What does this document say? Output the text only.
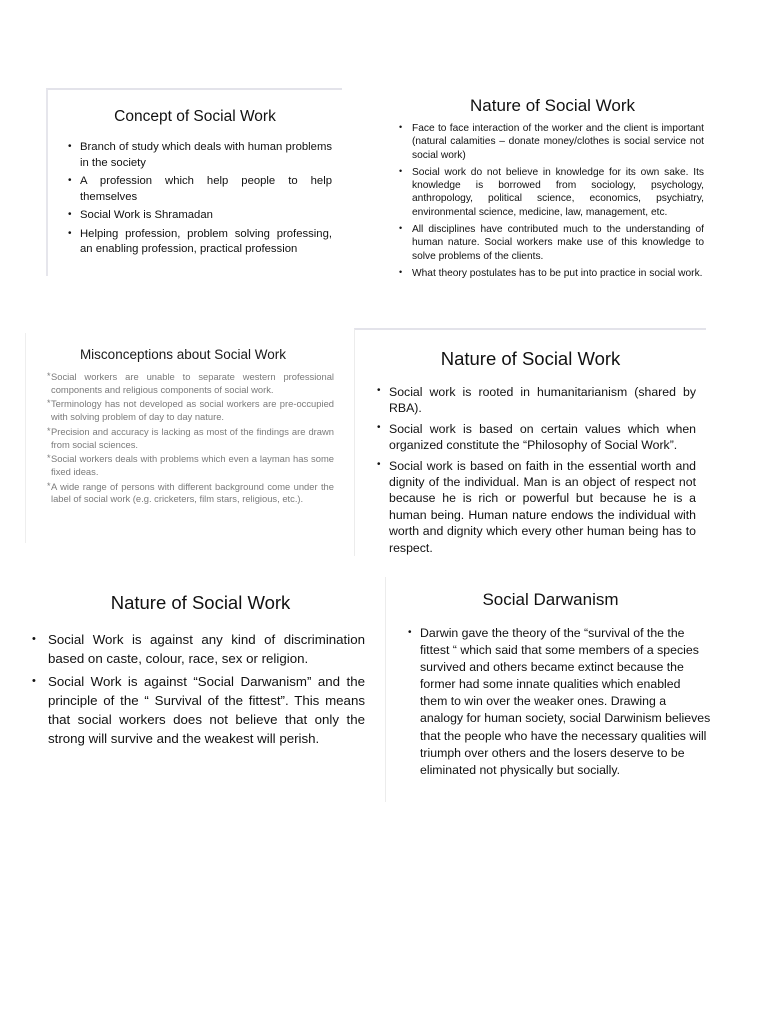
Concept of Social Work
• Branch of study which deals with human problems in the society
• A profession which help people to help themselves
• Social Work is Shramadan
• Helping profession, problem solving professing, an enabling profession, practical profession
Nature of Social Work
• Face to face interaction of the worker and the client is important (natural calamities – donate money/clothes is social service not social work)
• Social work do not believe in knowledge for its own sake. Its knowledge is borrowed from sociology, psychology, anthropology, political science, economics, psychiatry, environmental science, medicine, law, management, etc.
• All disciplines have contributed much to the understanding of human nature. Social workers make use of this knowledge to solve problems of the clients.
• What theory postulates has to be put into practice in social work.
Misconceptions about Social Work
* Social workers are unable to separate western professional components and religious components of social work.
* Terminology has not developed as social workers are pre-occupied with solving problem of day to day nature.
* Precision and accuracy is lacking as most of the findings are drawn from social sciences.
* Social workers deals with problems which even a layman has some fixed ideas.
* A wide range of persons with different background come under the label of social work (e.g. cricketers, film stars, religious, etc.).
Nature of Social Work
• Social work is rooted in humanitarianism (shared by RBA).
• Social work is based on certain values which when organized constitute the “Philosophy of Social Work”.
• Social work is based on faith in the essential worth and dignity of the individual. Man is an object of respect not because he is rich or powerful but because he is a human being. Human nature endows the individual with worth and dignity which every other human being has to respect.
Nature of Social Work
• Social Work is against any kind of discrimination based on caste, colour, race, sex or religion.
• Social Work is against “Social Darwanism” and the principle of the “ Survival of the fittest”. This means that social workers does not believe that only the strong will survive and the weakest will perish.
Social Darwanism
• Darwin gave the theory of the “survival of the the fittest “ which said that some members of a species survived and others became extinct because the former had some innate qualities which enabled them to win over the weaker ones. Drawing a analogy for human society, social Darwinism believes that the people who have the necessary qualities will triumph over others and the losers deserve to be eliminated not physically but socially.
